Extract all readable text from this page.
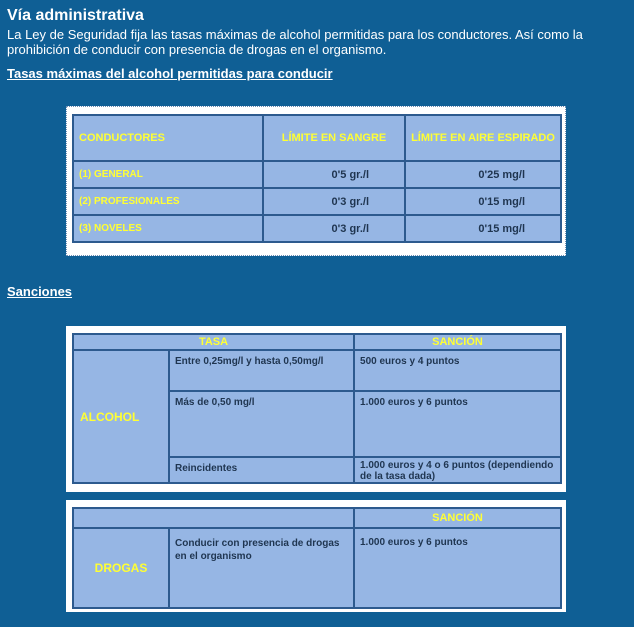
Vía administrativa

La Ley de Seguridad fija las tasas máximas de alcohol permitidas para los conductores. Así como la prohibición de conducir con presencia de drogas en el organismo.

Tasas máximas del alcohol permitidas para conducir
CONDUCTORES	LÍMITE EN SANGRE	LÍMITE EN AIRE ESPIRADO
(1) GENERAL	0'5 gr./l	0'25 mg/l
(2) PROFESIONALES	0'3 gr./l	0'15 mg/l
(3) NOVELES	0'3 gr./l	0'15 mg/l
Sanciones
TASA		SANCIÓN
ALCOHOL	Entre 0,25mg/l y hasta 0,50mg/l	500 euros y 4 puntos
	Más de 0,50 mg/l	1.000 euros y 6 puntos
	Reincidentes	1.000 euros y 4 o 6 puntos (dependiendo de la tasa dada)
		SANCIÓN
DROGAS	Conducir con presencia de drogas en el organismo	1.000 euros y 6 puntos
